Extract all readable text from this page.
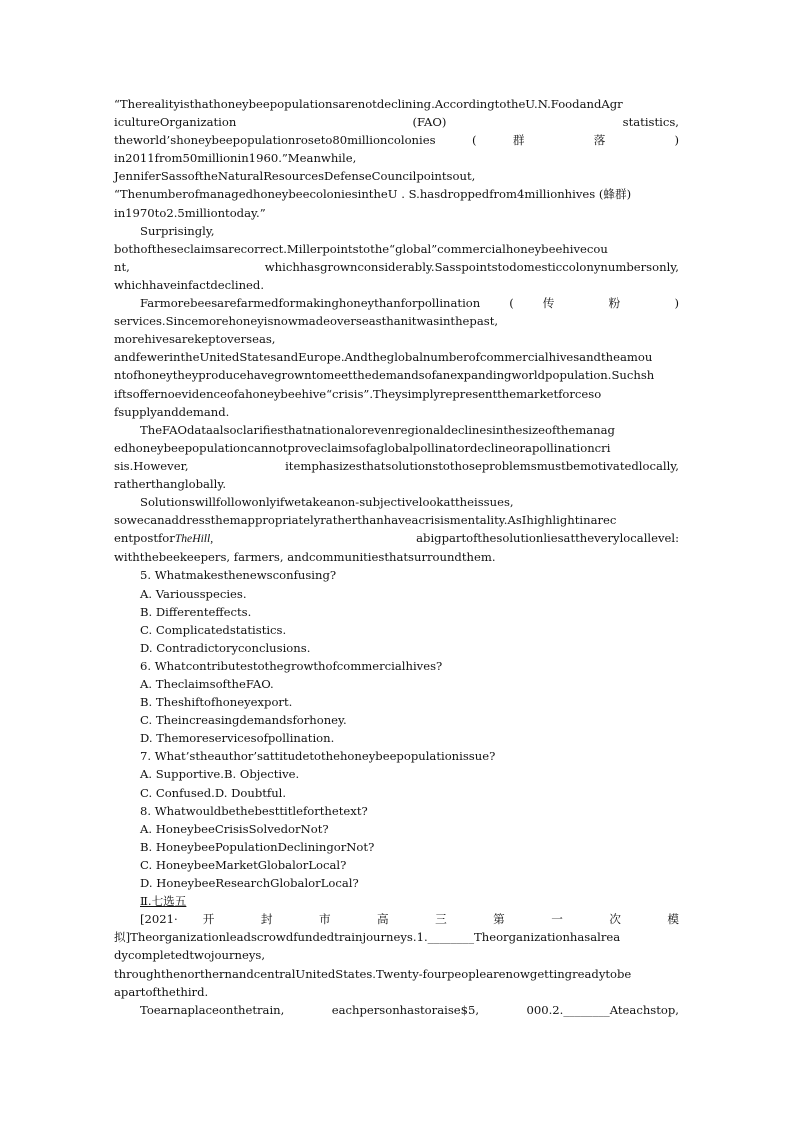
“Therealityisthathoneybeepopulationsarenotdeclining.AccordingtotheU.N.FoodandAgr

icultureOrganization (FAO) statistics,

theworld’shoneybeepopulationroseto80millioncolonies ( 群 落 )

in2011from50millionin1960.”Meanwhile,

JenniferSassoftheNaturalResourcesDefenseCouncilpointsout,

“ThenumberofmanagedhoneybeecoloniesintheU . S.hasdroppedfrom4millionhives (蜂群)

in1970to2.5milliontoday.”

Surprisingly,

bothoftheseclaimsarecorrect.Millerpointstothe“global”commercialhoneybeehivecou

nt, whichhasgrownconsiderably.Sasspointstodomesticcolonynumbersonly,

whichhaveinfactdeclined.

Farmorebeesarefarmedformakinghoneythanforpollination ( 传 粉 )

services.Sincemorehoneyisnowmadeoverseasthanitwasinthepast,

morehivesarekeptoverseas,

andfewerintheUnitedStatesandEurope.Andtheglobalnumberofcommercialhivesandtheamou

ntofhoneytheyproducehavegrowntomeetthedemandsofanexpandingworldpopulation.Suchsh

iftsoffernoevidenceofahoneybeehive“crisis”.Theysimplyrepresentthemarketforceso

fsupplyanddemand.

TheFAOdataalsoclarifiesthatnationalorevenregionaldeclinesinthesizeofthemanag

edhoneybeepopulationcannotproveclaimsofaglobalpollinatordeclineorapollinationcri

sis.However, itemphasizesthatsolutionstothoseproblemsmustbemotivatedlocally,

ratherthanglobally.

Solutionswillfollowonlyifwetakeanon-subjectivelookattheissues,

sowecanaddressthemappropriatelyratherthanhaveacrisismentality.AsIhighlightinarec

entpostforTheHill, abigpartofthesolutionliesattheverylocallevel:

withthebeekeepers, farmers, andcommunitiesthatsurroundthem.

5. Whatmakesthenewsconfusing?

A. Variousspecies.

B. Differenteffects.

C. Complicatedstatistics.

D. Contradictoryconclusions.

6. Whatcontributestothegrowthofcommercialhives?

A. TheclaimsoftheFAO.

B. Theshiftofhoneyexport.

C. Theincreasingdemandsforhoney.

D. Themoreservicesofpollination.

7. What’stheauthor’sattitudetothehoneybeepopulationissue?

A. Supportive.B. Objective.

C. Confused.D. Doubtful.

8. Whatwouldbethebesttitleforthetext?

A. HoneybeeCrisisSolvedorNot?

B. HoneybeePopulationDecliningorNot?

C. HoneybeeMarketGlobalorLocal?

D. HoneybeeResearchGlobalorLocal?

Ⅱ.七选五

[2021· 开 封 市 高 三 第 一 次 模

拟]Theorganizationleadscrowdfundedtrainjourneys.1.________Theorganizationhasalrea

dycompletedtwojourneys,

throughthenorthernandcentralUnitedStates.Twenty-fourpeoplearenowgettingreadytobe

apartofthethird.

Toearnaplaceonthetrain, eachpersonhastoraise$5, 000.2.________Ateachstop,
